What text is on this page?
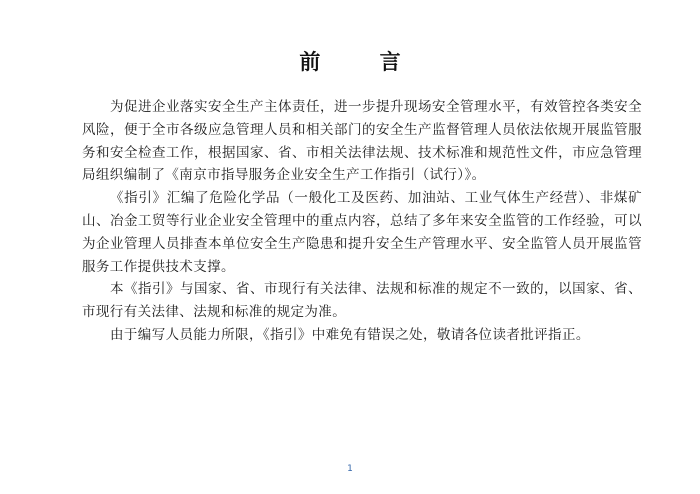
前 言

为促进企业落实安全生产主体责任，进一步提升现场安全管理水平，有效管控各类安全风险，便于全市各级应急管理人员和相关部门的安全生产监督管理人员依法依规开展监管服务和安全检查工作，根据国家、省、市相关法律法规、技术标准和规范性文件，市应急管理局组织编制了《南京市指导服务企业安全生产工作指引（试行）》。

《指引》汇编了危险化学品（一般化工及医药、加油站、工业气体生产经营）、非煤矿山、冶金工贸等行业企业安全管理中的重点内容，总结了多年来安全监管的工作经验，可以为企业管理人员排查本单位安全生产隐患和提升安全生产管理水平、安全监管人员开展监管服务工作提供技术支撑。

本《指引》与国家、省、市现行有关法律、法规和标准的规定不一致的，以国家、省、市现行有关法律、法规和标准的规定为准。

由于编写人员能力所限，《指引》中难免有错误之处，敬请各位读者批评指正。

1
